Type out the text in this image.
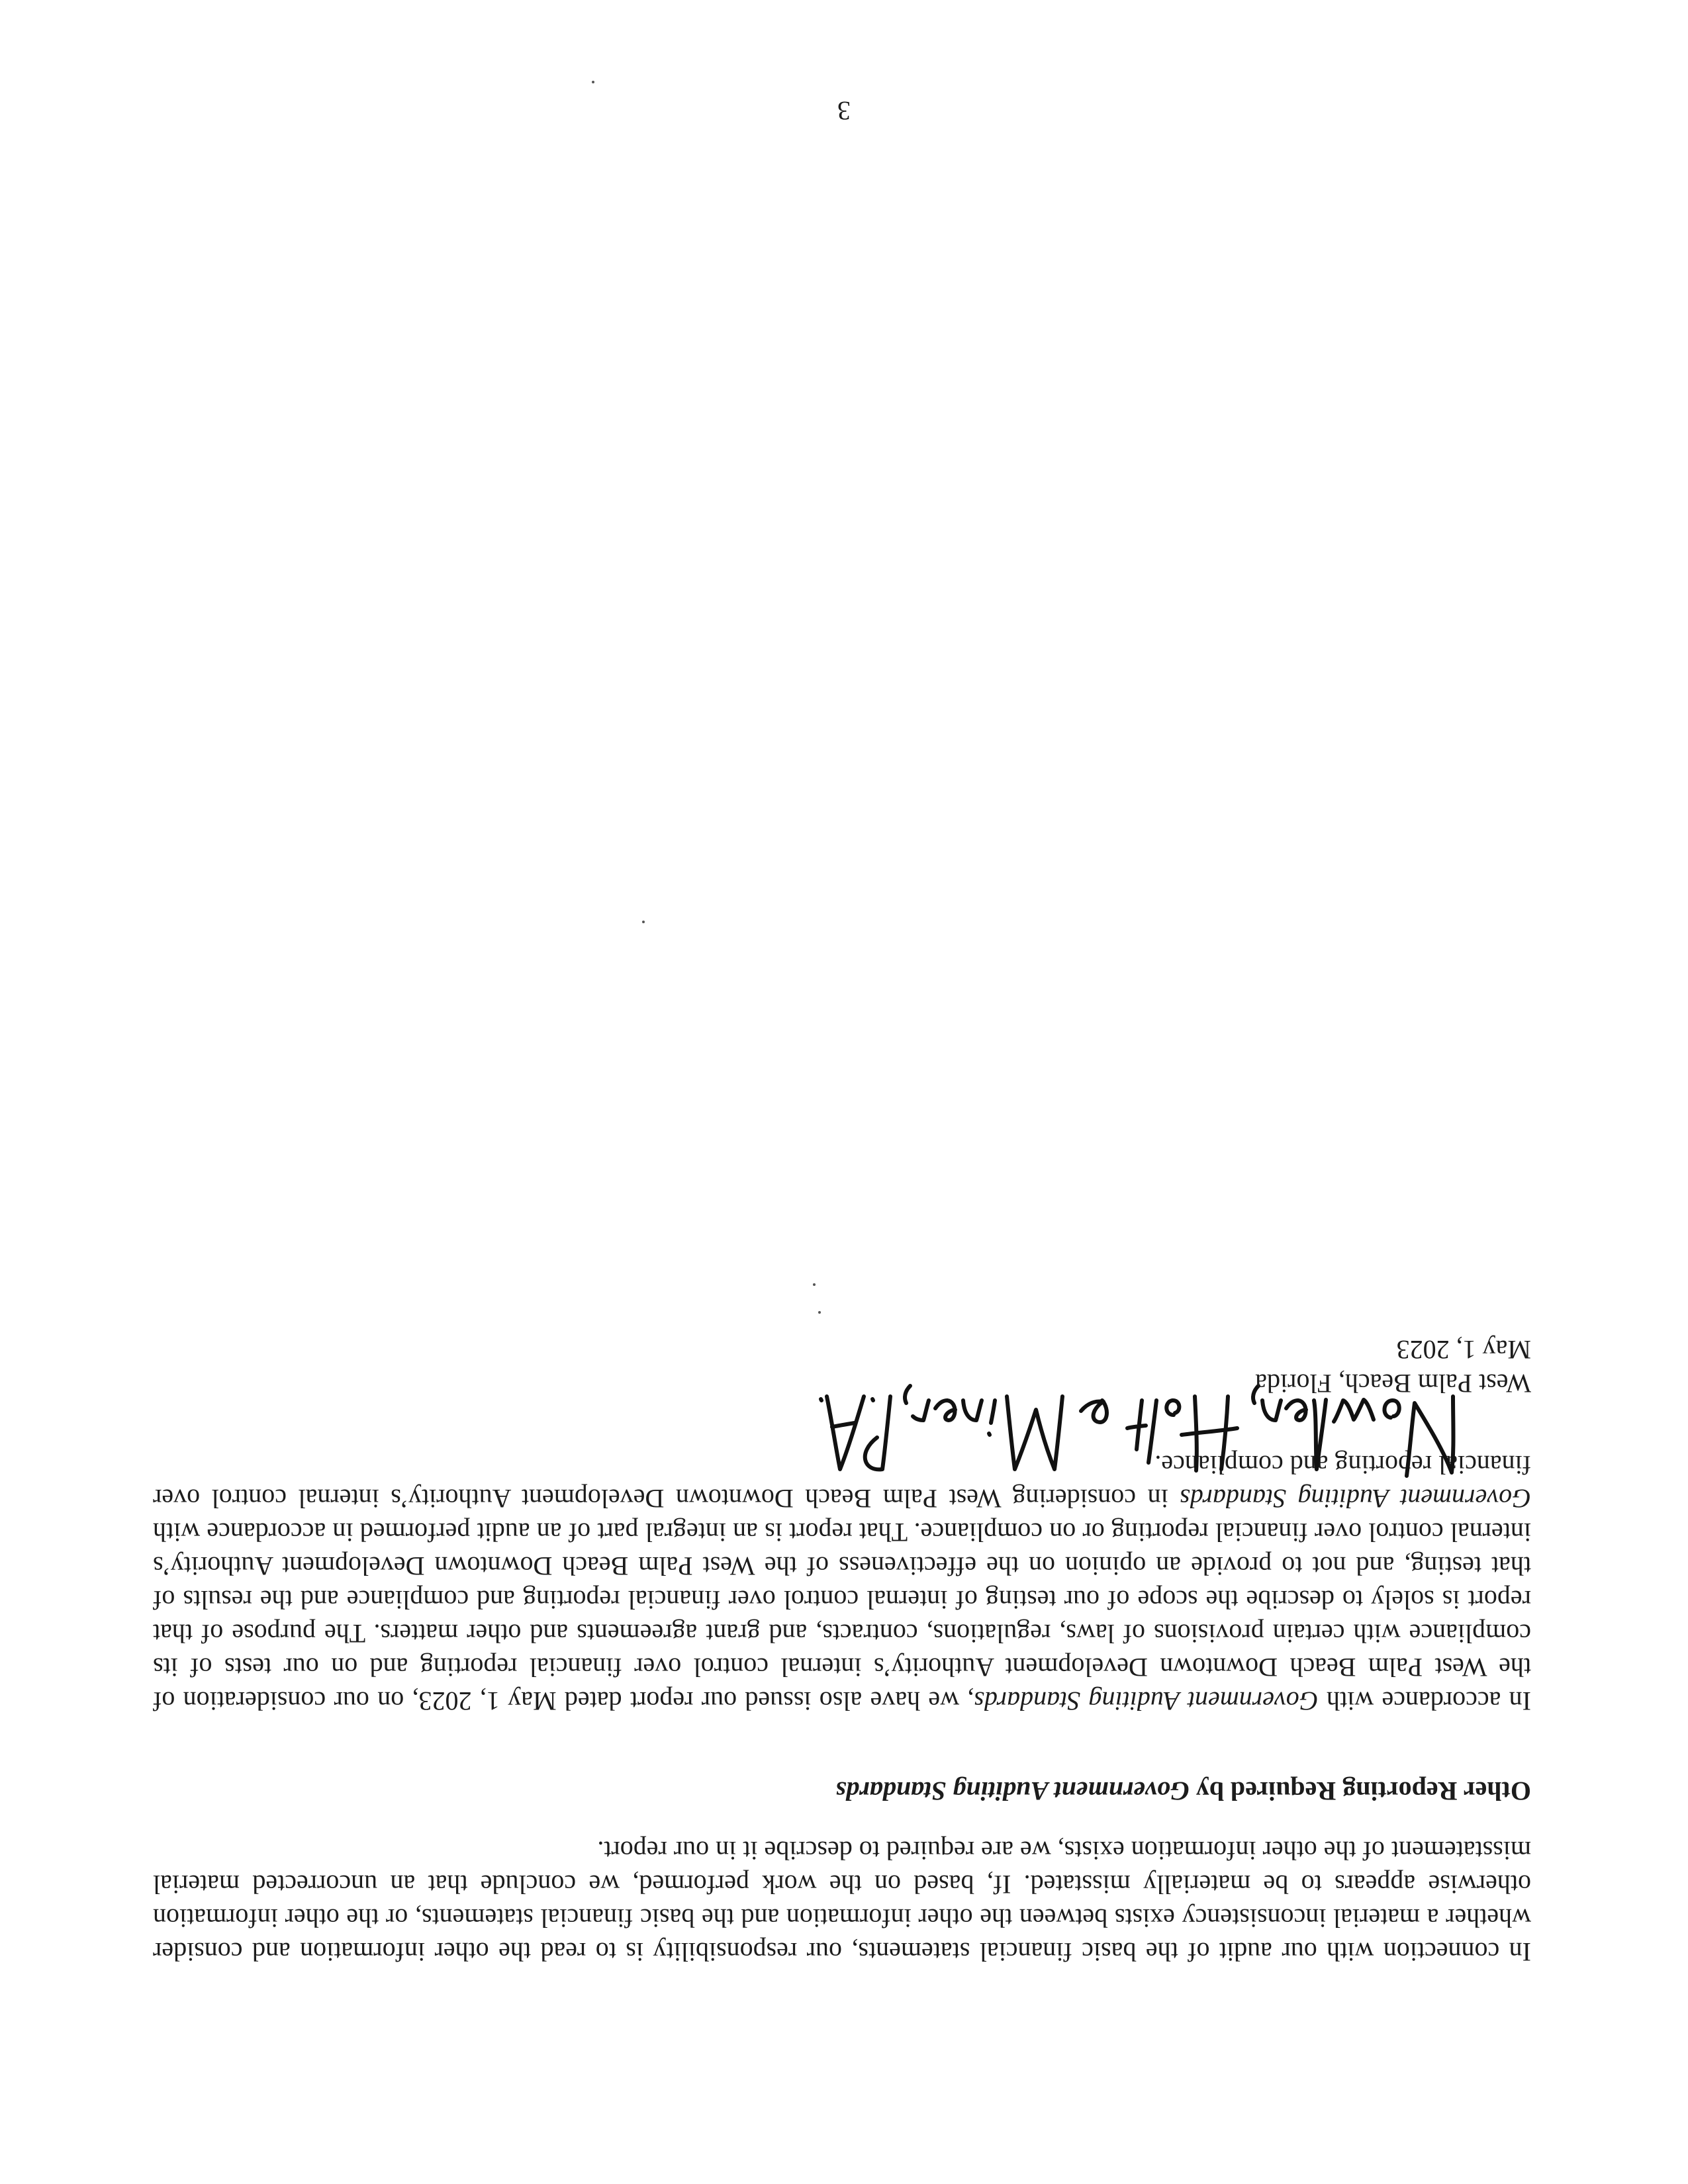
In connection with our audit of the basic financial statements, our responsibility is to read the other information and consider whether a material inconsistency exists between the other information and the basic financial statements, or the other information otherwise appears to be materially misstated. If, based on the work performed, we conclude that an uncorrected material misstatement of the other information exists, we are required to describe it in our report.

Other Reporting Required by Government Auditing Standards

In accordance with Government Auditing Standards, we have also issued our report dated May 1, 2023, on our consideration of the West Palm Beach Downtown Development Authority’s internal control over financial reporting and on our tests of its compliance with certain provisions of laws, regulations, contracts, and grant agreements and other matters. The purpose of that report is solely to describe the scope of our testing of internal control over financial reporting and compliance and the results of that testing, and not to provide an opinion on the effectiveness of the West Palm Beach Downtown Development Authority’s internal control over financial reporting or on compliance. That report is an integral part of an audit performed in accordance with Government Auditing Standards in considering West Palm Beach Downtown Development Authority’s internal control over financial reporting and compliance.

West Palm Beach, Florida
May 1, 2023
3
